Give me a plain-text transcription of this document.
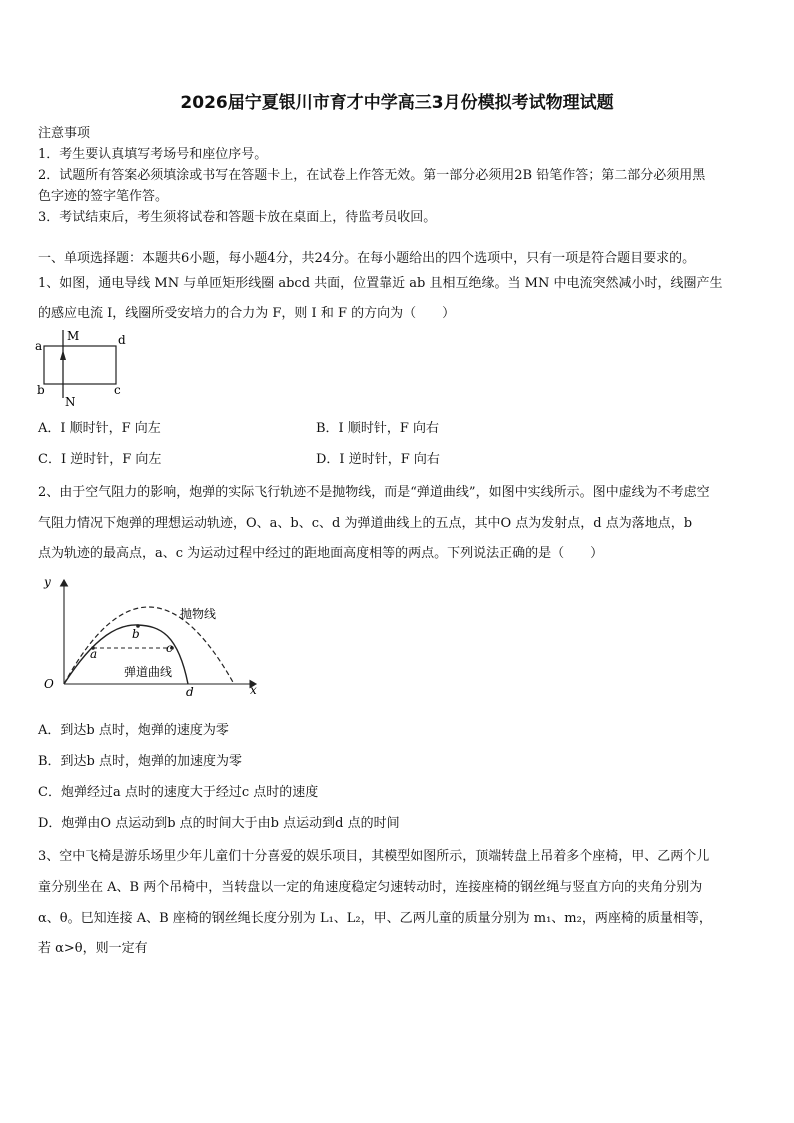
2026届宁夏银川市育才中学高三3月份模拟考试物理试题
注意事项
1．考生要认真填写考场号和座位序号。
2．试题所有答案必须填涂或书写在答题卡上，在试卷上作答无效。第一部分必须用2B 铅笔作答；第二部分必须用黑
色字迹的签字笔作答。
3．考试结束后，考生须将试卷和答题卡放在桌面上，待监考员收回。
一、单项选择题：本题共6小题，每小题4分，共24分。在每小题给出的四个选项中，只有一项是符合题目要求的。
1、如图，通电导线 MN 与单匝矩形线圈 abcd 共面，位置靠近 ab 且相互绝缘。当 MN 中电流突然减小时，线圈产生
的感应电流 I，线圈所受安培力的合力为 F，则 I 和 F 的方向为（　　）
a	d
b	c
M
N
A．I 顺时针，F 向左	B．I 顺时针，F 向右
C．I 逆时针，F 向左	D．I 逆时针，F 向右
2、由于空气阻力的影响，炮弹的实际飞行轨迹不是抛物线，而是“弹道曲线”，如图中实线所示。图中虚线为不考虑空
气阻力情况下炮弹的理想运动轨迹，O、a、b、c、d 为弹道曲线上的五点，其中O 点为发射点，d 点为落地点，b
点为轨迹的最高点，a、c 为运动过程中经过的距地面高度相等的两点。下列说法正确的是（　　）
y
x
O
a
b
c
d
抛物线
弹道曲线
A．到达b 点时，炮弹的速度为零
B．到达b 点时，炮弹的加速度为零
C．炮弹经过a 点时的速度大于经过c 点时的速度
D．炮弹由O 点运动到b 点的时间大于由b 点运动到d 点的时间
3、空中飞椅是游乐场里少年儿童们十分喜爱的娱乐项目，其模型如图所示，顶端转盘上吊着多个座椅，甲、乙两个儿
童分别坐在 A、B 两个吊椅中，当转盘以一定的角速度稳定匀速转动时，连接座椅的钢丝绳与竖直方向的夹角分别为
α、θ。巳知连接 A、B 座椅的钢丝绳长度分别为 L₁、L₂，甲、乙两儿童的质量分别为 m₁、m₂，两座椅的质量相等，
若 α>θ，则一定有
